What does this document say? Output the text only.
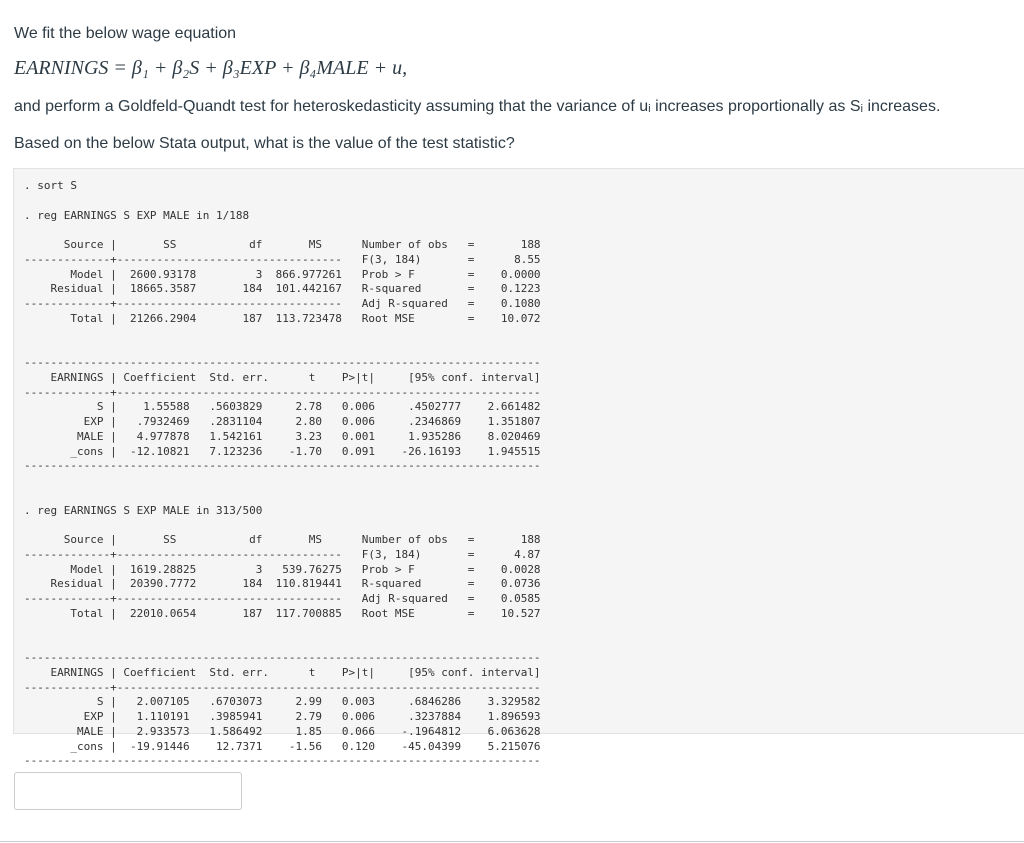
We fit the below wage equation

EARNINGS = β₁ + β₂S + β₃EXP + β₄MALE + u,

and perform a Goldfeld-Quandt test for heteroskedasticity assuming that the variance of uᵢ increases proportionally as Sᵢ increases.

Based on the below Stata output, what is the value of the test statistic?

. sort S
. reg EARNINGS S EXP MALE in 1/188
Source |       SS           df       MS      Number of obs   =       188
-------------+----------------------------------   F(3, 184)       =      8.55
Model |  2600.93178         3  866.977261   Prob > F        =    0.0000
Residual |  18665.3587       184  101.442167   R-squared       =    0.1223
-------------+----------------------------------   Adj R-squared   =    0.1080
Total |  21266.2904       187  113.723478   Root MSE        =    10.072
------------------------------------------------------------------------------
EARNINGS | Coefficient  Std. err.      t    P>|t|     [95% conf. interval]
-------------+----------------------------------------------------------------
S |    1.55588   .5603829     2.78   0.006     .4502777    2.661482
EXP |   .7932469   .2831104     2.80   0.006     .2346869    1.351807
MALE |   4.977878   1.542161     3.23   0.001     1.935286    8.020469
_cons |  -12.10821   7.123236    -1.70   0.091    -26.16193    1.945515
------------------------------------------------------------------------------
. reg EARNINGS S EXP MALE in 313/500
Source |       SS           df       MS      Number of obs   =       188
-------------+----------------------------------   F(3, 184)       =      4.87
Model |  1619.28825         3   539.76275   Prob > F        =    0.0028
Residual |  20390.7772       184  110.819441   R-squared       =    0.0736
-------------+----------------------------------   Adj R-squared   =    0.0585
Total |  22010.0654       187  117.700885   Root MSE        =    10.527
------------------------------------------------------------------------------
EARNINGS | Coefficient  Std. err.      t    P>|t|     [95% conf. interval]
-------------+----------------------------------------------------------------
S |   2.007105   .6703073     2.99   0.003     .6846286    3.329582
EXP |   1.110191   .3985941     2.79   0.006     .3237884    1.896593
MALE |   2.933573   1.586492     1.85   0.066    -.1964812    6.063628
_cons |  -19.91446    12.7371    -1.56   0.120    -45.04399    5.215076
------------------------------------------------------------------------------
